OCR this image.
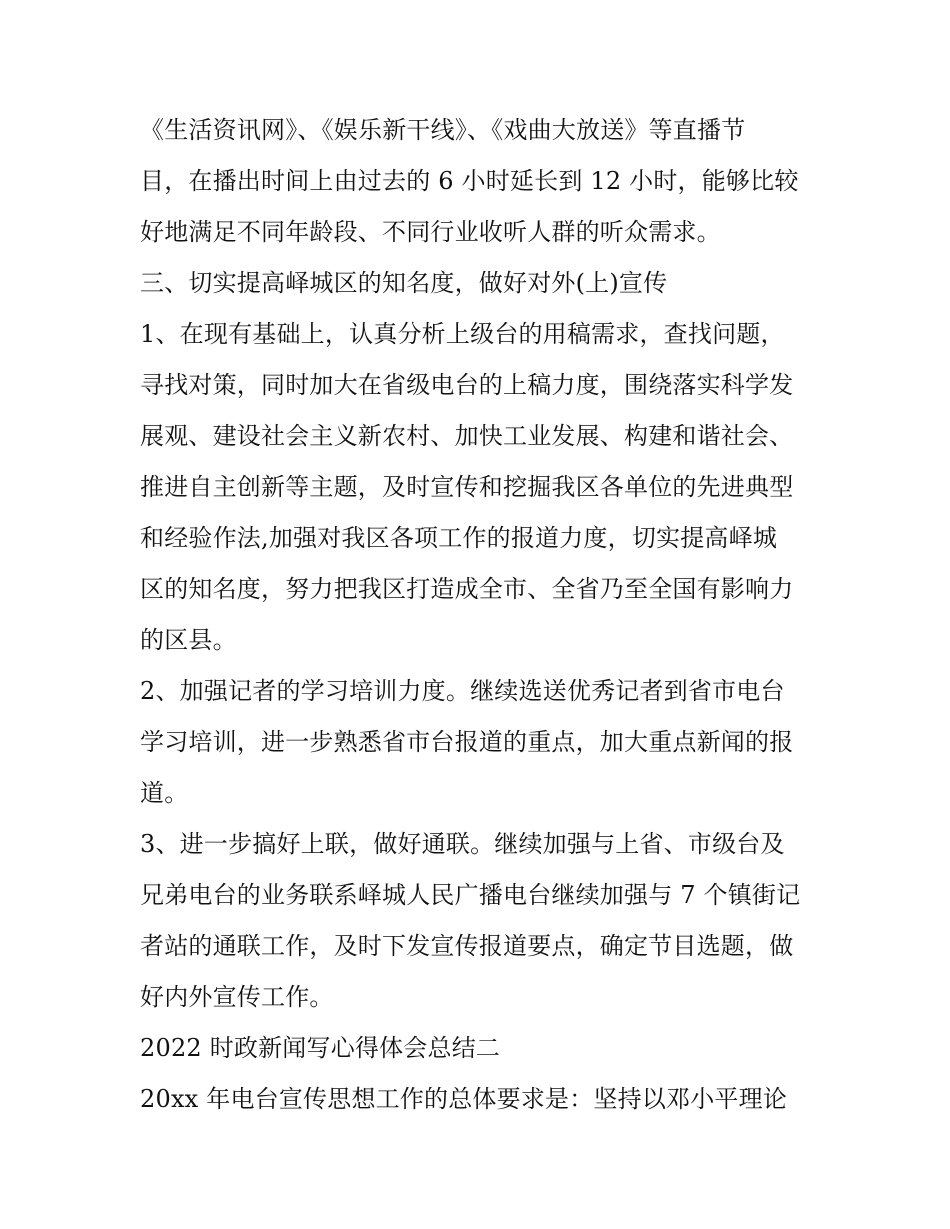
《生活资讯网》、《娱乐新干线》、《戏曲大放送》等直播节
目，在播出时间上由过去的 6 小时延长到 12 小时，能够比较
好地满足不同年龄段、不同行业收听人群的听众需求。
三、切实提高峄城区的知名度，做好对外(上)宣传
1、在现有基础上，认真分析上级台的用稿需求，查找问题，
寻找对策，同时加大在省级电台的上稿力度，围绕落实科学发
展观、建设社会主义新农村、加快工业发展、构建和谐社会、
推进自主创新等主题，及时宣传和挖掘我区各单位的先进典型
和经验作法,加强对我区各项工作的报道力度，切实提高峄城
区的知名度，努力把我区打造成全市、全省乃至全国有影响力
的区县。
2、加强记者的学习培训力度。继续选送优秀记者到省市电台
学习培训，进一步熟悉省市台报道的重点，加大重点新闻的报
道。
3、进一步搞好上联，做好通联。继续加强与上省、市级台及
兄弟电台的业务联系峄城人民广播电台继续加强与 7 个镇街记
者站的通联工作，及时下发宣传报道要点，确定节目选题，做
好内外宣传工作。
2022 时政新闻写心得体会总结二
20xx 年电台宣传思想工作的总体要求是：坚持以邓小平理论
